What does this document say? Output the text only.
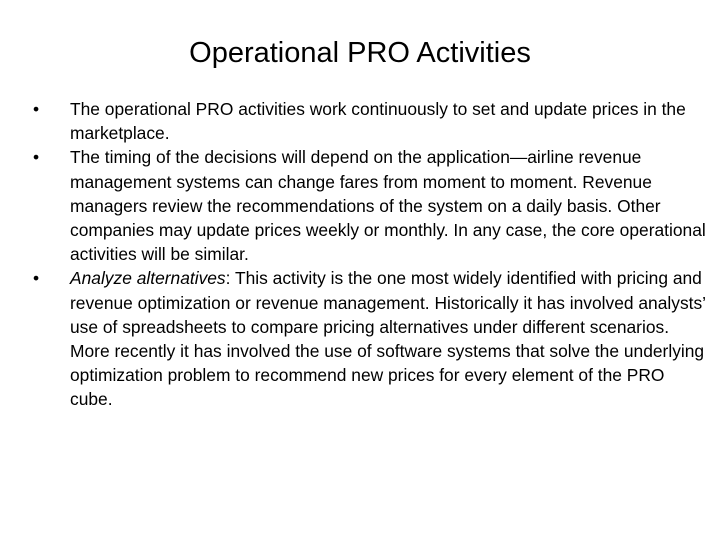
Operational PRO Activities
•	The operational PRO activities work continuously to set and update prices in the marketplace.
•	The timing of the decisions will depend on the application—airline revenue management systems can change fares from moment to moment. Revenue managers review the recommendations of the system on a daily basis. Other companies may update prices weekly or monthly. In any case, the core operational activities will be similar.
•	Analyze alternatives: This activity is the one most widely identified with pricing and revenue optimization or revenue management. Historically it has involved analysts’ use of spreadsheets to compare pricing alternatives under different scenarios. More recently it has involved the use of software systems that solve the underlying optimization problem to recommend new prices for every element of the PRO cube.
